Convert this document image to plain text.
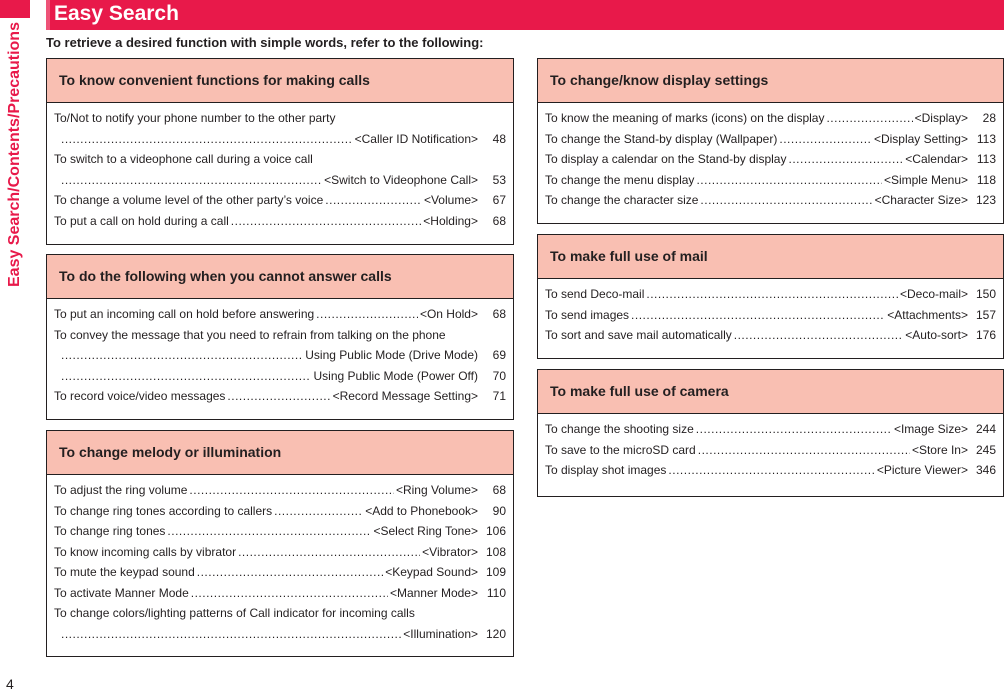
Easy Search/Contents/Precautions
4
Easy Search
To retrieve a desired function with simple words, refer to the following:
To know convenient functions for making calls
To/Not to notify your phone number to the other party
.....
<Caller ID Notification>	48
To switch to a videophone call during a voice call
.....
<Switch to Videophone Call>	53
To change a volume level of the other party’s voice .....	<Volume>	67
To put a call on hold during a call .....	<Holding>	68
To do the following when you cannot answer calls
To put an incoming call on hold before answering .....	<On Hold>	68
To convey the message that you need to refrain from talking on the phone
.....
Using Public Mode (Drive Mode)	69
.....
Using Public Mode (Power Off)	70
To record voice/video messages .....	<Record Message Setting>	71
To change melody or illumination
To adjust the ring volume .....	<Ring Volume>	68
To change ring tones according to callers .....	<Add to Phonebook>	90
To change ring tones .....	<Select Ring Tone> 106
To know incoming calls by vibrator .....	<Vibrator> 108
To mute the keypad sound .....	<Keypad Sound> 109
To activate Manner Mode .....	<Manner Mode> 110
To change colors/lighting patterns of Call indicator for incoming calls
.....
<Illumination> 120
To change/know display settings
To know the meaning of marks (icons) on the display .....	<Display>	28
To change the Stand-by display (Wallpaper) .....	<Display Setting> 113
To display a calendar on the Stand-by display .....	<Calendar> 113
To change the menu display .....	<Simple Menu> 118
To change the character size .....	<Character Size> 123
To make full use of mail
To send Deco-mail .....	<Deco-mail> 150
To send images .....	<Attachments> 157
To sort and save mail automatically .....	<Auto-sort> 176
To make full use of camera
To change the shooting size .....	<Image Size> 244
To save to the microSD card .....	<Store In> 245
To display shot images .....	<Picture Viewer> 346
